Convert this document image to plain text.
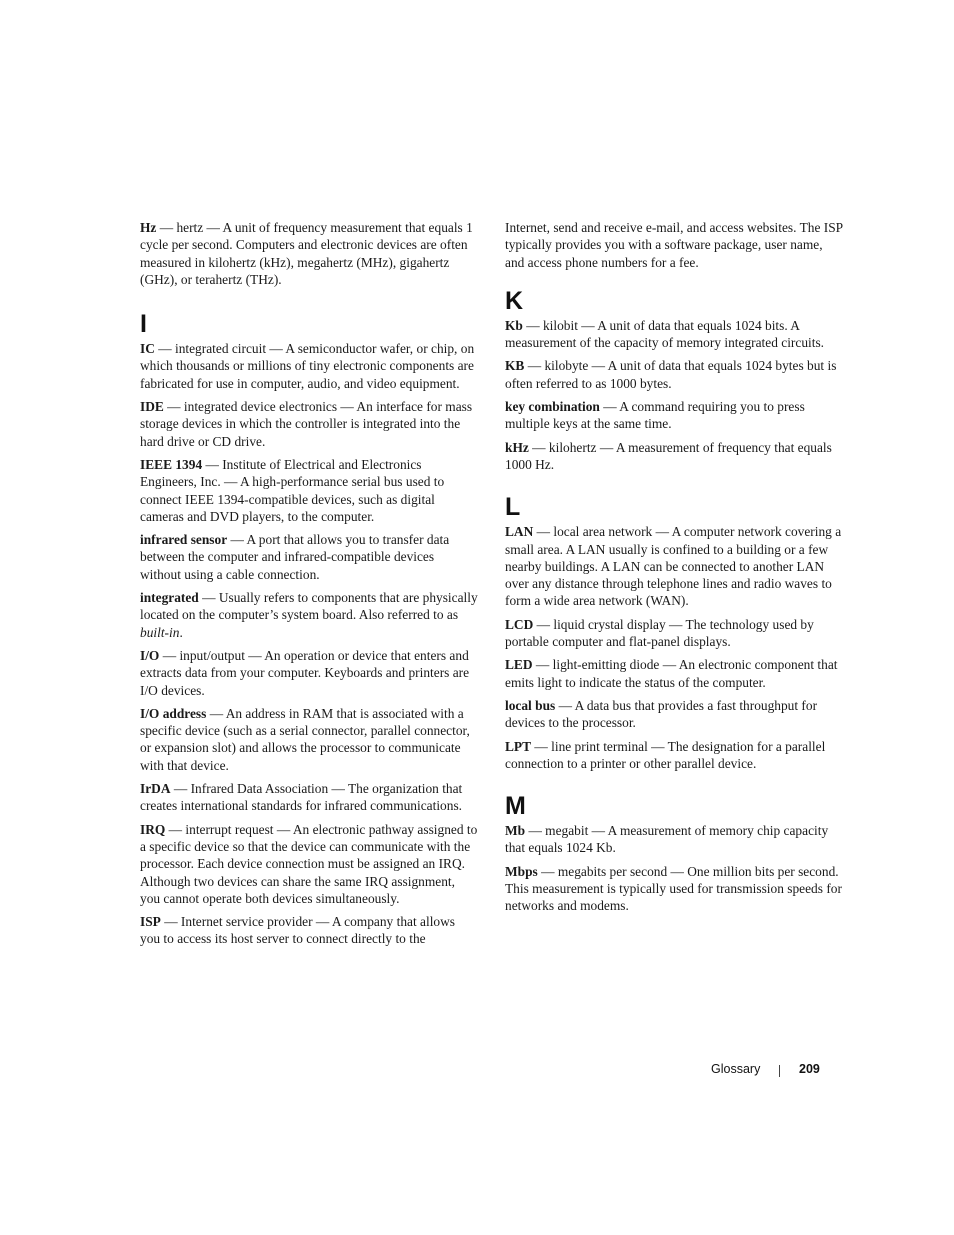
Hz — hertz — A unit of frequency measurement that equals 1 cycle per second. Computers and electronic devices are often measured in kilohertz (kHz), megahertz (MHz), gigahertz (GHz), or terahertz (THz).

I

IC — integrated circuit — A semiconductor wafer, or chip, on which thousands or millions of tiny electronic components are fabricated for use in computer, audio, and video equipment.

IDE — integrated device electronics — An interface for mass storage devices in which the controller is integrated into the hard drive or CD drive.

IEEE 1394 — Institute of Electrical and Electronics Engineers, Inc. — A high-performance serial bus used to connect IEEE 1394-compatible devices, such as digital cameras and DVD players, to the computer.

infrared sensor — A port that allows you to transfer data between the computer and infrared-compatible devices without using a cable connection.

integrated — Usually refers to components that are physically located on the computer’s system board. Also referred to as built-in.

I/O — input/output — An operation or device that enters and extracts data from your computer. Keyboards and printers are I/O devices.

I/O address — An address in RAM that is associated with a specific device (such as a serial connector, parallel connector, or expansion slot) and allows the processor to communicate with that device.

IrDA — Infrared Data Association — The organization that creates international standards for infrared communications.

IRQ — interrupt request — An electronic pathway assigned to a specific device so that the device can communicate with the processor. Each device connection must be assigned an IRQ. Although two devices can share the same IRQ assignment, you cannot operate both devices simultaneously.

ISP — Internet service provider — A company that allows you to access its host server to connect directly to the

Internet, send and receive e-mail, and access websites. The ISP typically provides you with a software package, user name, and access phone numbers for a fee.

K

Kb — kilobit — A unit of data that equals 1024 bits. A measurement of the capacity of memory integrated circuits.

KB — kilobyte — A unit of data that equals 1024 bytes but is often referred to as 1000 bytes.

key combination — A command requiring you to press multiple keys at the same time.

kHz — kilohertz — A measurement of frequency that equals 1000 Hz.

L

LAN — local area network — A computer network covering a small area. A LAN usually is confined to a building or a few nearby buildings. A LAN can be connected to another LAN over any distance through telephone lines and radio waves to form a wide area network (WAN).

LCD — liquid crystal display — The technology used by portable computer and flat-panel displays.

LED — light-emitting diode — An electronic component that emits light to indicate the status of the computer.

local bus — A data bus that provides a fast throughput for devices to the processor.

LPT — line print terminal — The designation for a parallel connection to a printer or other parallel device.

M

Mb — megabit — A measurement of memory chip capacity that equals 1024 Kb.

Mbps — megabits per second — One million bits per second. This measurement is typically used for transmission speeds for networks and modems.

Glossary	209
